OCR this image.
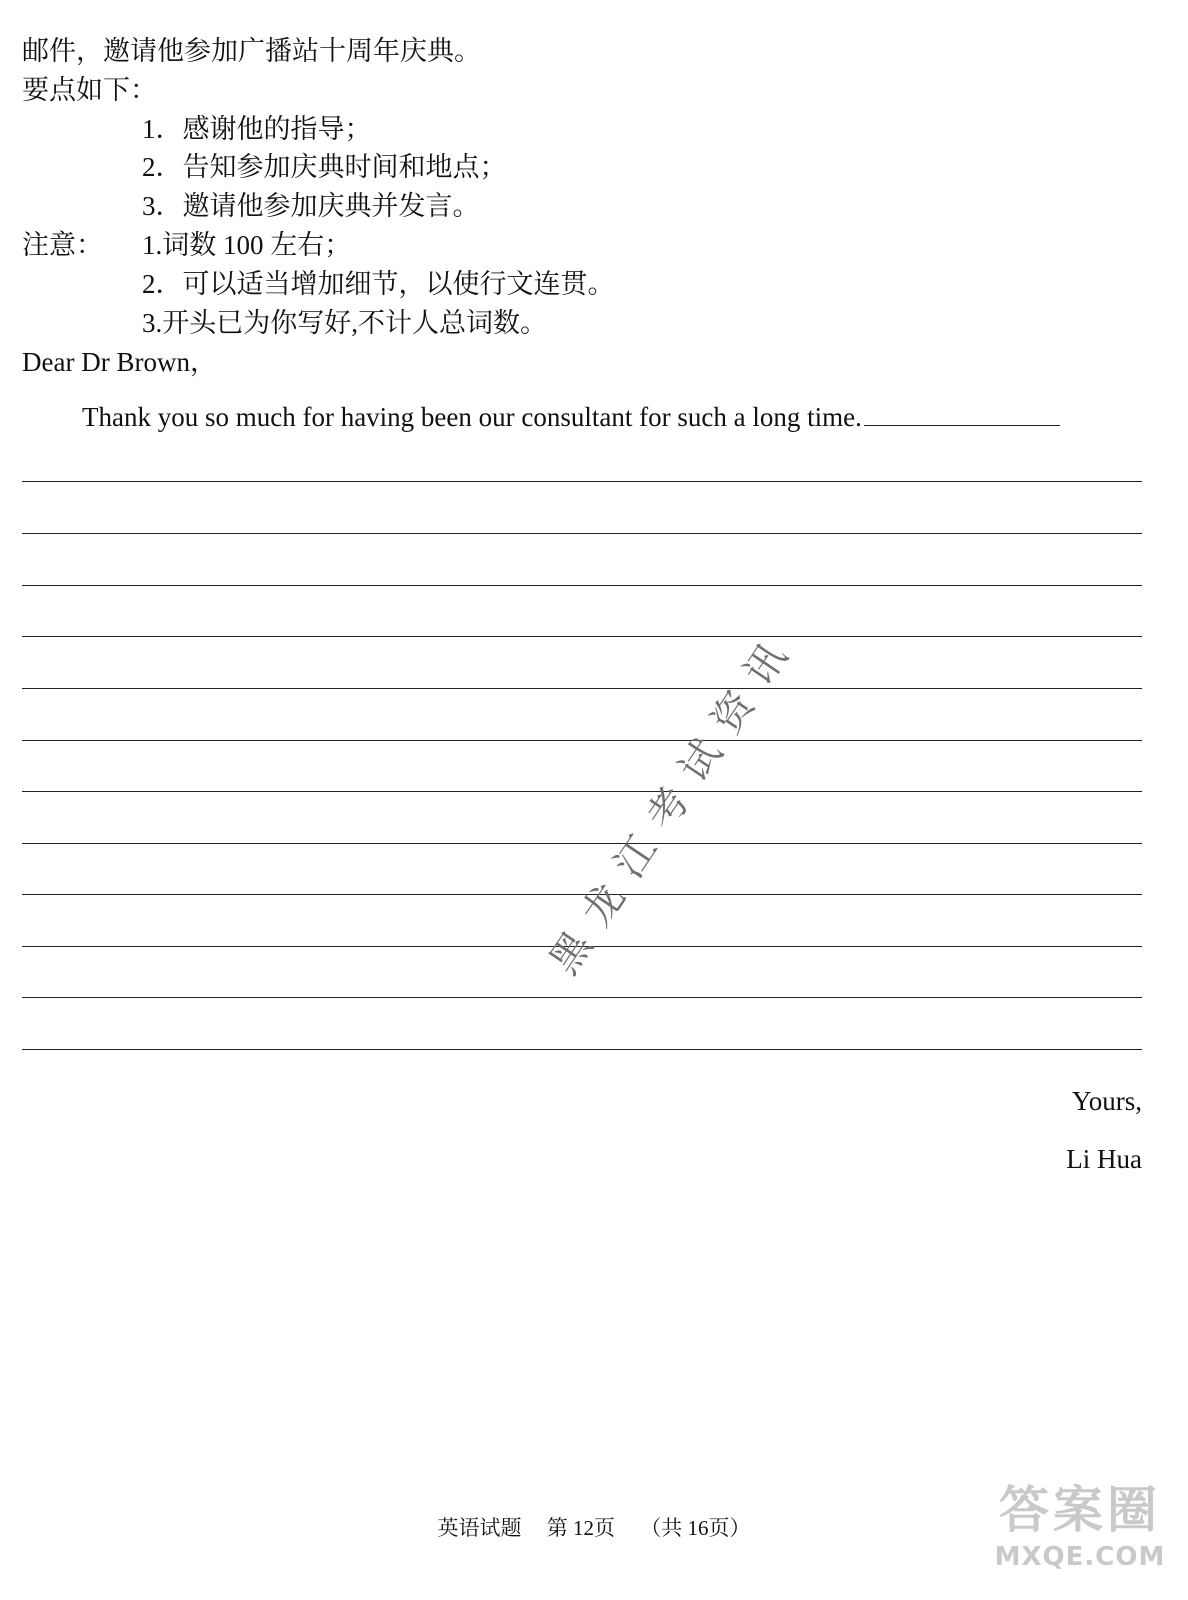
邮件，邀请他参加广播站十周年庆典。
要点如下：
1．感谢他的指导；
2．告知参加庆典时间和地点；
3．邀请他参加庆典并发言。
注意： 1.词数 100 左右；
2．可以适当增加细节，以使行文连贯。
3.开头已为你写好,不计人总词数。
Dear Dr Brown，
Thank you so much for having been our consultant for such a long time.
黑龙江考试资讯
Yours,
Li Hua
英语试题 第 12页 （共 16页）	答案圈
MXQE.COM
